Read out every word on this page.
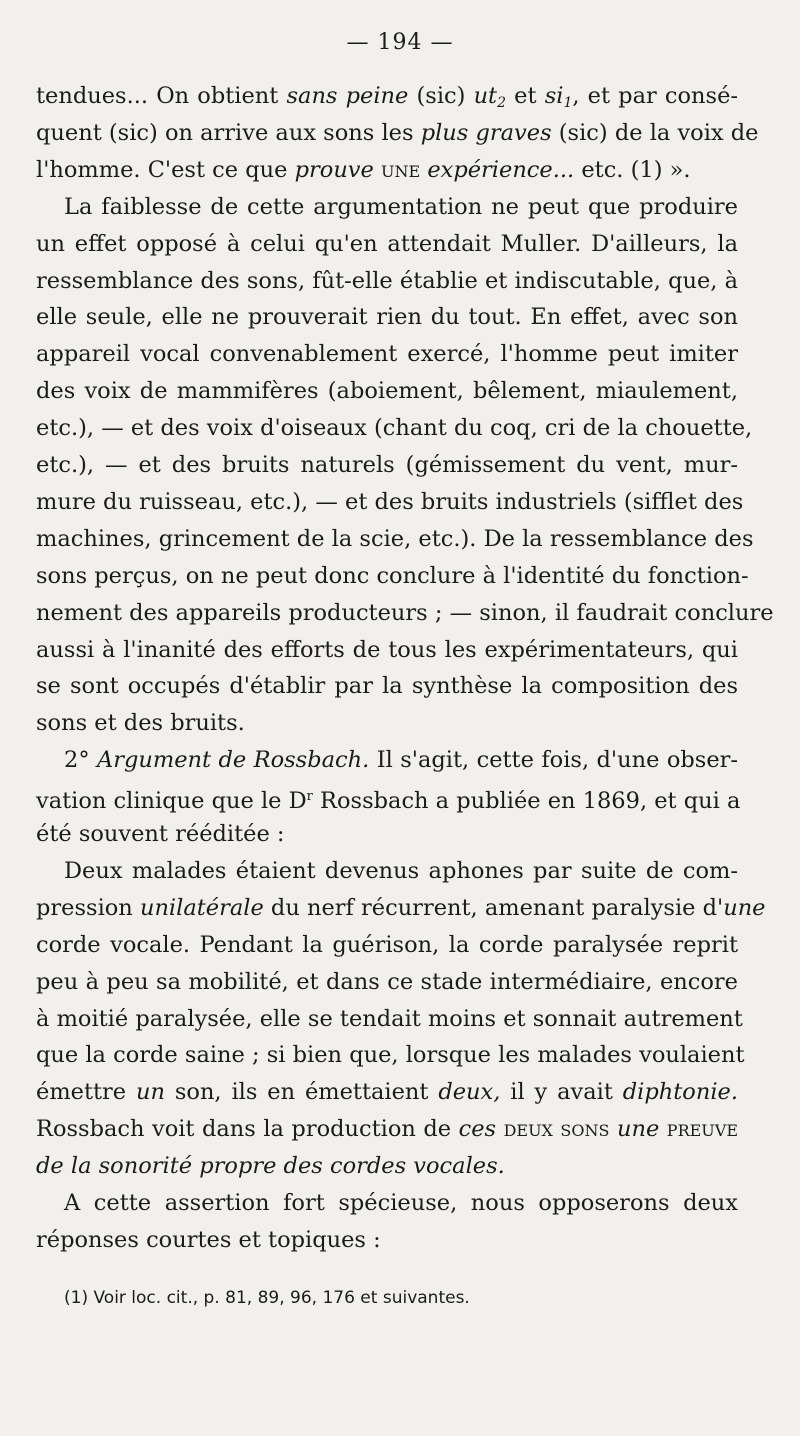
— 194 —
tendues... On obtient sans peine (sic) $ut_2$ et $si_1$, et par consé-
quent (sic) on arrive aux sons les plus graves (sic) de la voix de
l'homme. C'est ce que prouve une expérience... etc. (1) ».
La faiblesse de cette argumentation ne peut que produire
un effet opposé à celui qu'en attendait Muller. D'ailleurs, la
ressemblance des sons, fût-elle établie et indiscutable, que, à
elle seule, elle ne prouverait rien du tout. En effet, avec son
appareil vocal convenablement exercé, l'homme peut imiter
des voix de mammifères (aboiement, bêlement, miaulement,
etc.), — et des voix d'oiseaux (chant du coq, cri de la chouette,
etc.), — et des bruits naturels (gémissement du vent, mur-
mure du ruisseau, etc.), — et des bruits industriels (sifflet des
machines, grincement de la scie, etc.). De la ressemblance des
sons perçus, on ne peut donc conclure à l'identité du fonction-
nement des appareils producteurs ; — sinon, il faudrait conclure
aussi à l'inanité des efforts de tous les expérimentateurs, qui
se sont occupés d'établir par la synthèse la composition des
sons et des bruits.
2° Argument de Rossbach. Il s'agit, cette fois, d'une obser-
vation clinique que le $D^r$ Rossbach a publiée en 1869, et qui a
été souvent rééditée :
Deux malades étaient devenus aphones par suite de com-
pression unilatérale du nerf récurrent, amenant paralysie d'une
corde vocale. Pendant la guérison, la corde paralysée reprit
peu à peu sa mobilité, et dans ce stade intermédiaire, encore
à moitié paralysée, elle se tendait moins et sonnait autrement
que la corde saine ; si bien que, lorsque les malades voulaient
émettre un son, ils en émettaient deux, il y avait diphtonie.
Rossbach voit dans la production de ces deux sons une preuve
de la sonorité propre des cordes vocales.
A cette assertion fort spécieuse, nous opposerons deux
réponses courtes et topiques :
(1) Voir loc. cit., p. 81, 89, 96, 176 et suivantes.
